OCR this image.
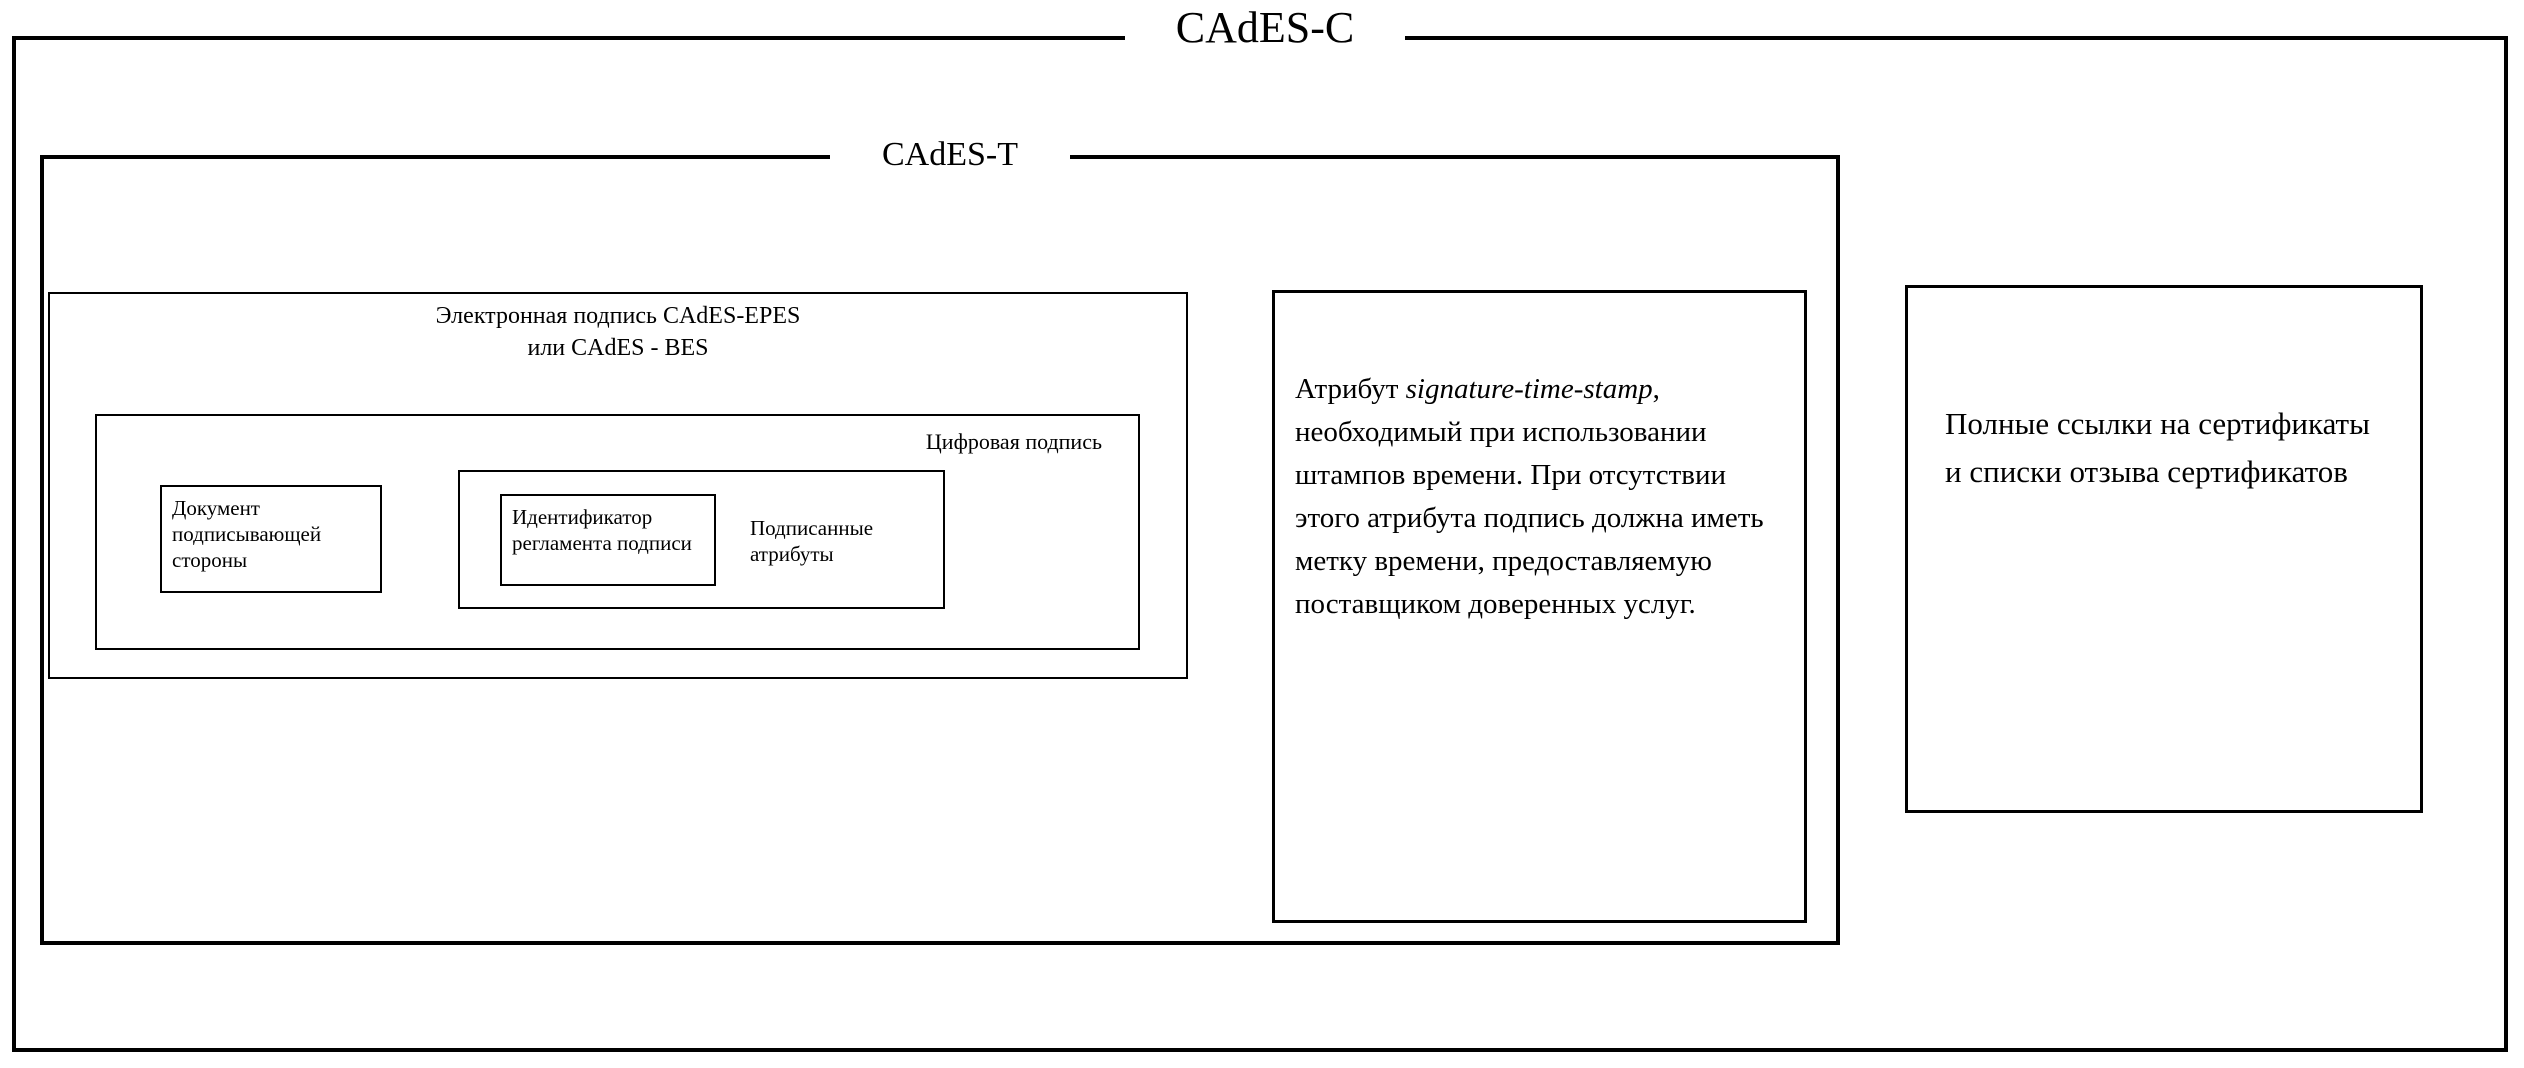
CAdES-C
CAdES-T
Электронная подпись CAdES-EPES
или CAdES - BES
Цифровая подпись
Документ подписывающей стороны
Идентификатор регламента подписи
Подписанные атрибуты
Атрибут signature-time-stamp, необходимый при использовании штампов времени. При отсутствии этого атрибута подпись должна иметь метку времени, предоставляемую поставщиком доверенных услуг.
Полные ссылки на сертификаты и списки отзыва сертификатов
